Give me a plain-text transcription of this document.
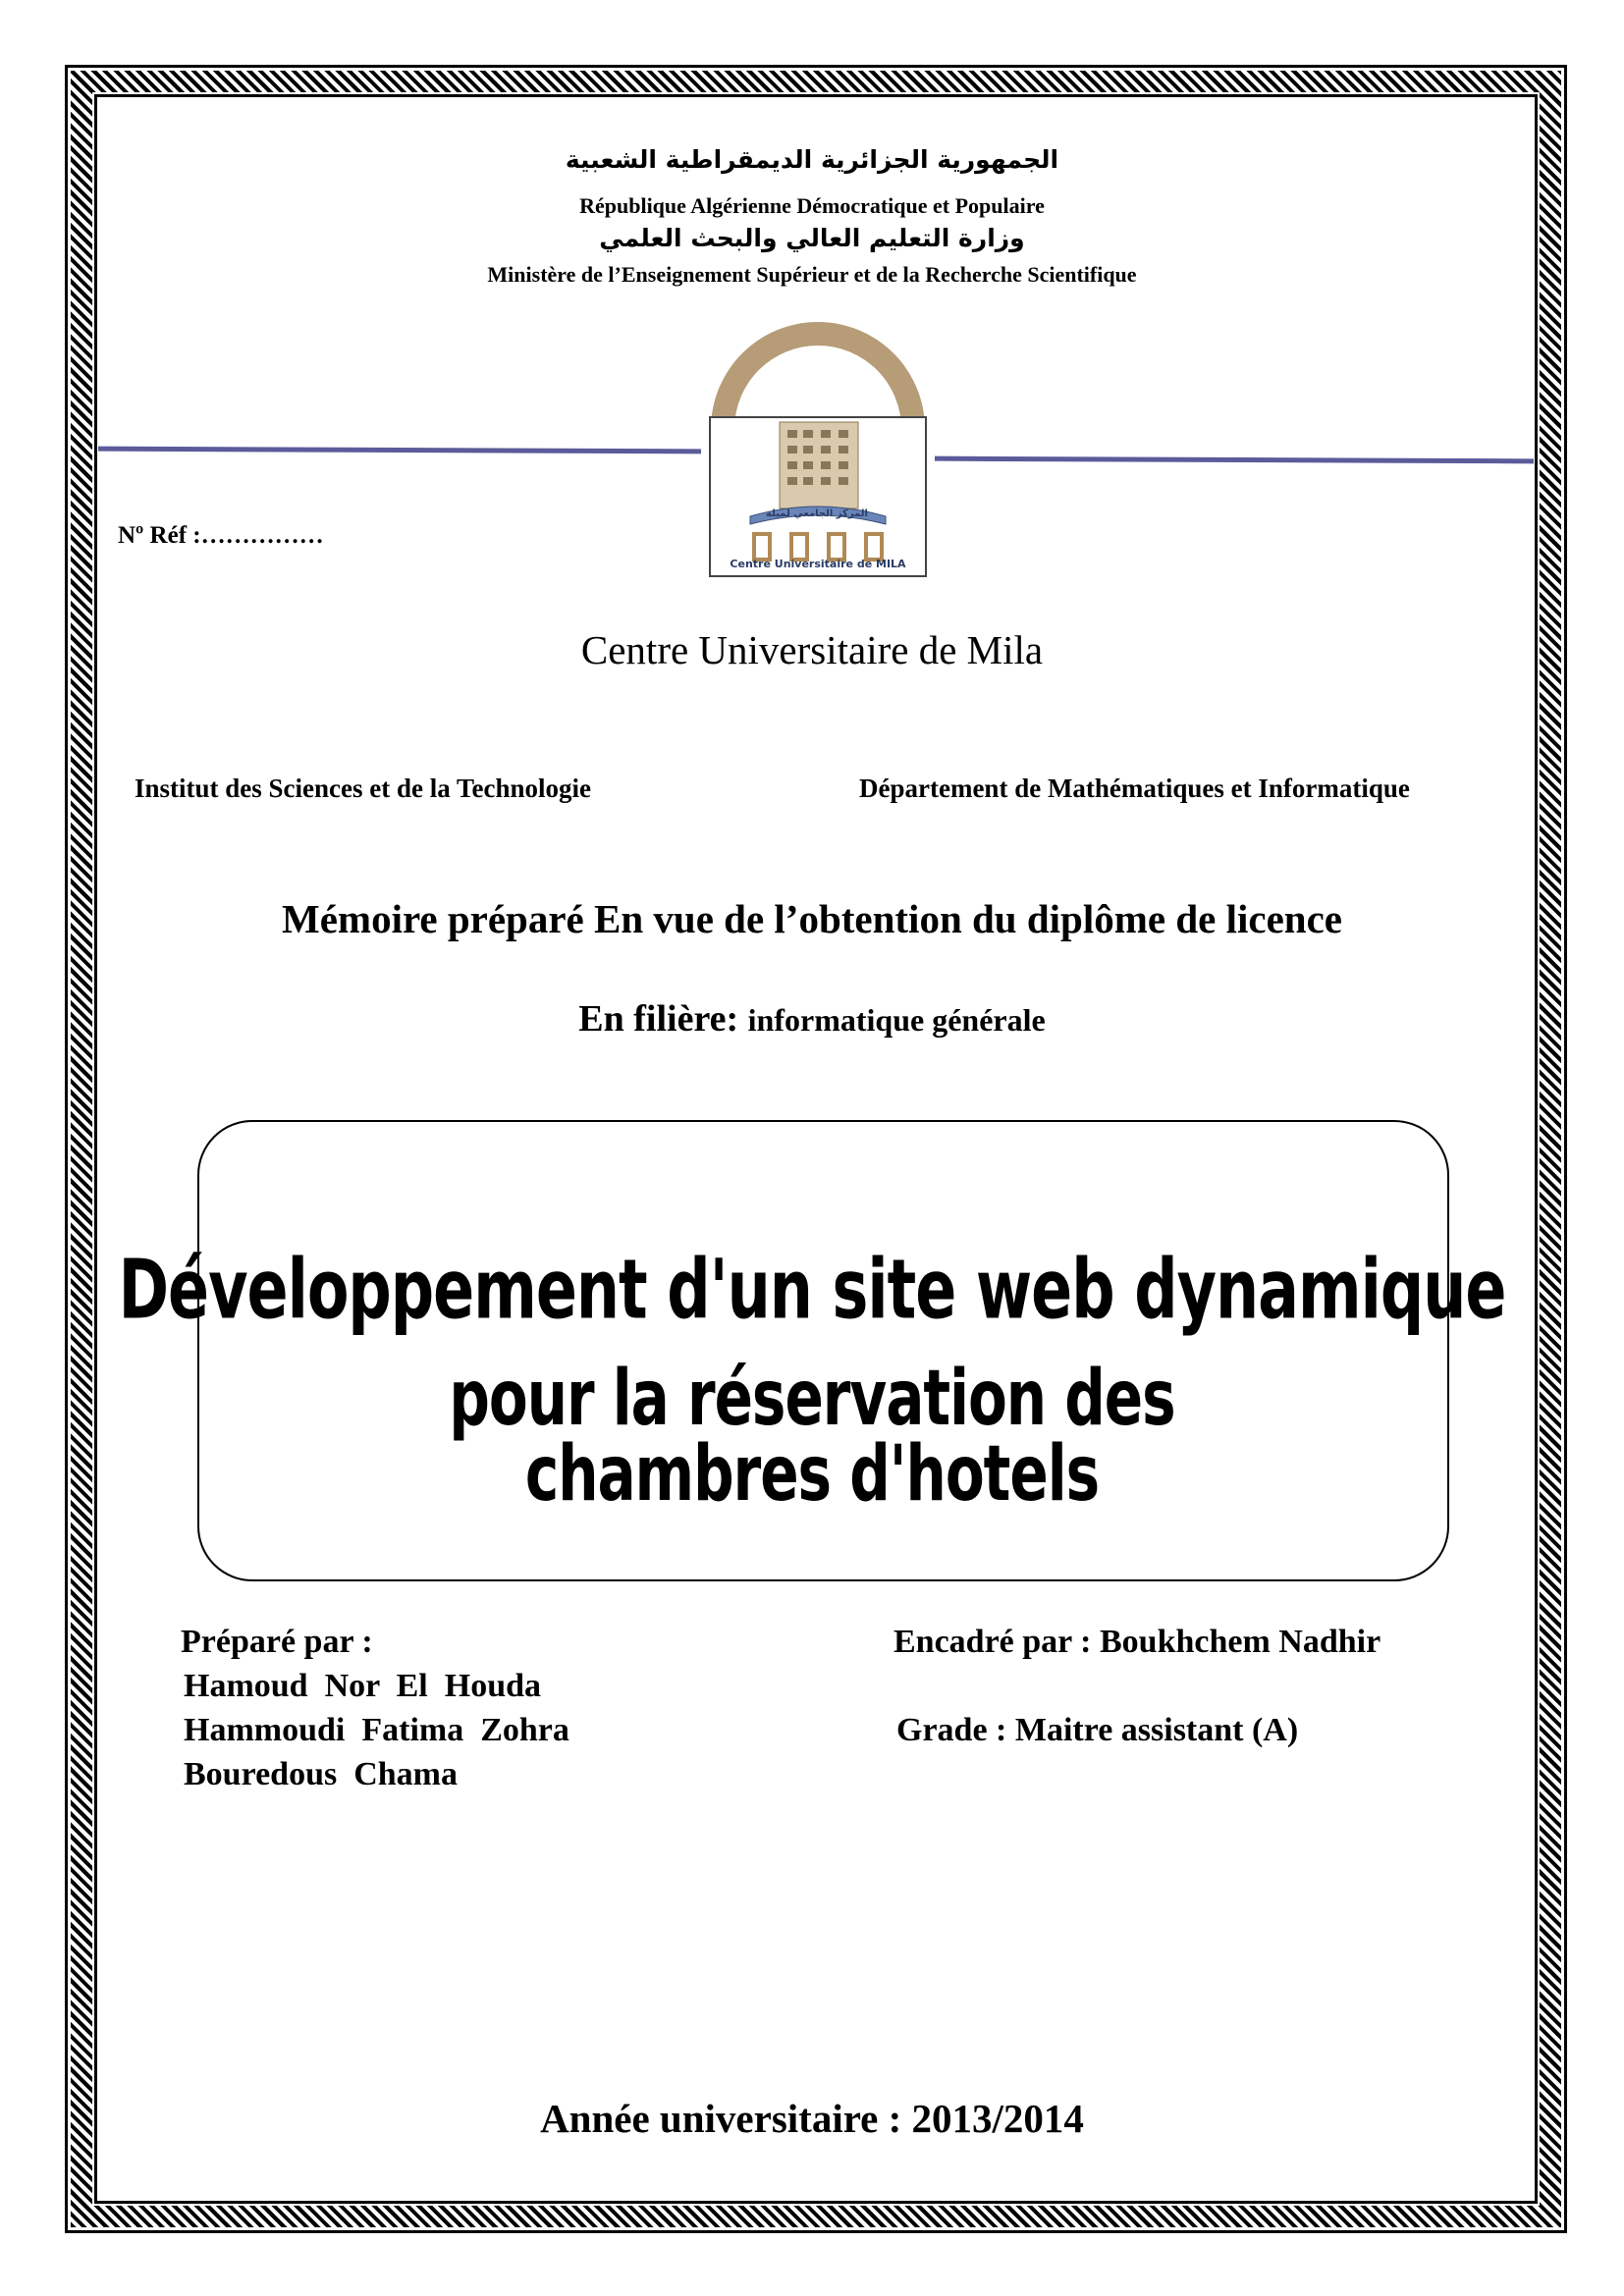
الجمهورية الجزائرية الديمقراطية الشعبية
République Algérienne Démocratique et Populaire
وزارة التعليم العالي والبحث العلمي
Ministère de l’Enseignement Supérieur et de la Recherche Scientifique
المركز الجامعي لميلة
Centre Universitaire de MILA
Nº Réf :……………
Centre Universitaire de Mila
Institut des Sciences et de la Technologie	Département de Mathématiques et Informatique
Mémoire préparé En vue de l’obtention du diplôme de licence
En filière: informatique générale
Développement d'un site web dynamique
pour la réservation des
chambres d'hotels
Préparé par :
Hamoud  Nor  El  Houda
Hammoudi  Fatima  Zohra
Bouredous  Chama
Encadré par : Boukhchem Nadhir
Grade : Maitre assistant (A)
Année universitaire : 2013/2014
